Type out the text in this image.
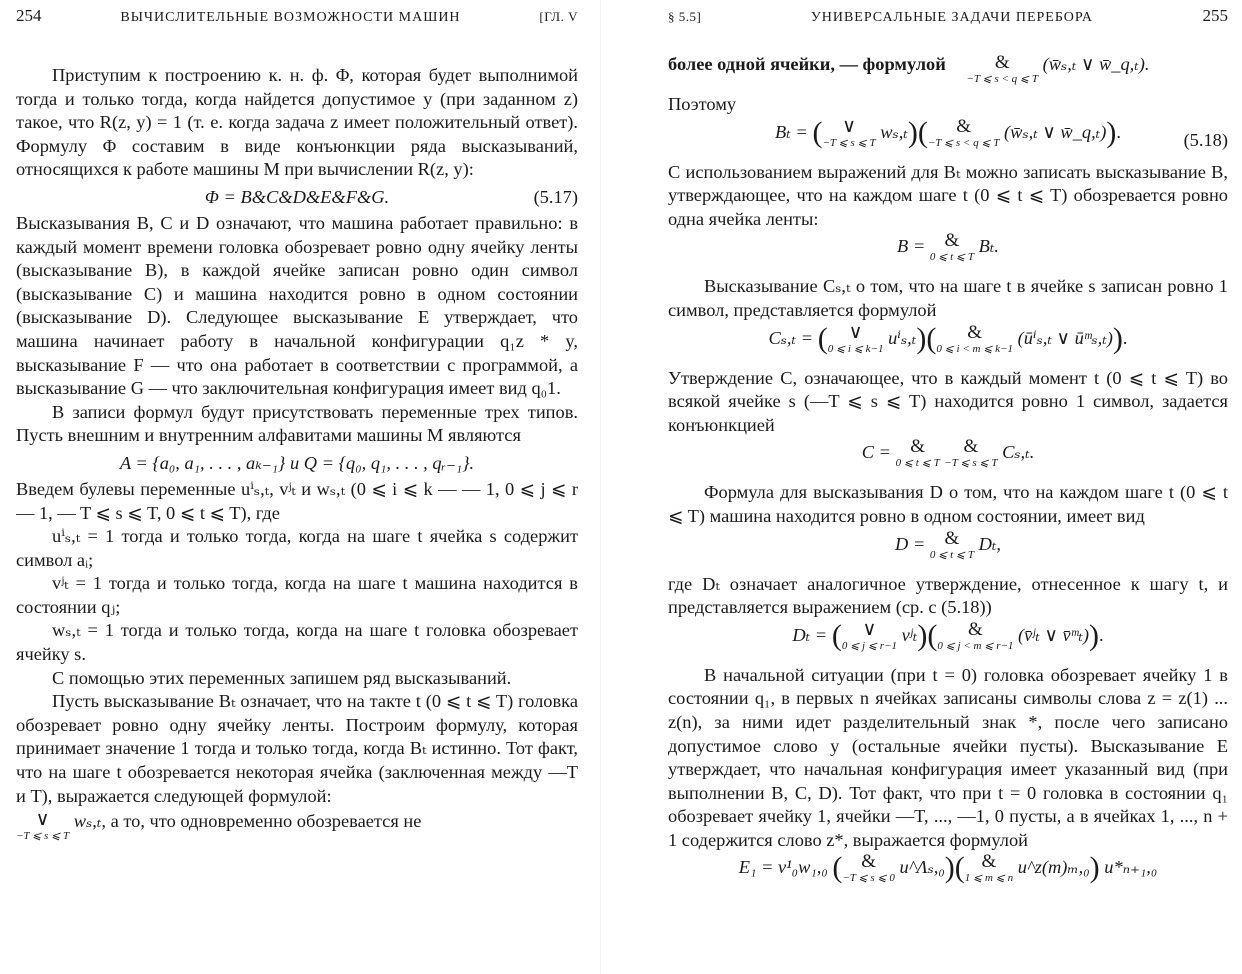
254	ВЫЧИСЛИТЕЛЬНЫЕ ВОЗМОЖНОСТИ МАШИН	[ГЛ. V

Приступим к построению к. н. ф. Φ, которая будет выполнимой тогда и только тогда, когда найдется допустимое y (при заданном z) такое, что R(z, y) = 1 (т. е. когда задача z имеет положительный ответ). Формулу Φ составим в виде конъюнкции ряда высказываний, относящихся к работе машины M при вычислении R(z, y):

Φ = B&C&D&E&F&G.	(5.17)

Высказывания B, C и D означают, что машина работает правильно: в каждый момент времени головка обозревает ровно одну ячейку ленты (высказывание B), в каждой ячейке записан ровно один символ (высказывание C) и машина находится ровно в одном состоянии (высказывание D). Следующее высказывание E утверждает, что машина начинает работу в начальной конфигурации q₁z * y, высказывание F — что она работает в соответствии с программой, а высказывание G — что заключительная конфигурация имеет вид q₀1.

В записи формул будут присутствовать переменные трех типов. Пусть внешним и внутренним алфавитами машины M являются

A = {a₀, a₁, . . . , aₖ₋₁} и Q = {q₀, q₁, . . . , qᵣ₋₁}.

Введем булевы переменные uⁱₛ,ₜ, vʲₜ и wₛ,ₜ (0 ⩽ i ⩽ k — — 1, 0 ⩽ j ⩽ r — 1, — T ⩽ s ⩽ T, 0 ⩽ t ⩽ T), где

uⁱₛ,ₜ = 1 тогда и только тогда, когда на шаге t ячейка s содержит символ aᵢ;

vʲₜ = 1 тогда и только тогда, когда на шаге t машина находится в состоянии qⱼ;

wₛ,ₜ = 1 тогда и только тогда, когда на шаге t головка обозревает ячейку s.

С помощью этих переменных запишем ряд высказываний.

Пусть высказывание Bₜ означает, что на такте t (0 ⩽ t ⩽ T) головка обозревает ровно одну ячейку ленты. Построим формулу, которая принимает значение 1 тогда и только тогда, когда Bₜ истинно. Тот факт, что на шаге t обозревается некоторая ячейка (заключенная между —T и T), выражается следующей формулой:

∨
−T ⩽ s ⩽ T
wₛ,ₜ, а то, что одновременно обозревается не

§ 5.5]	УНИВЕРСАЛЬНЫЕ ЗАДАЧИ ПЕРЕБОРА	255

более одной ячейки, — формулой	&
−T ⩽ s < q ⩽ T
(w̄ₛ,ₜ ∨ w̄_q,ₜ).

Поэтому

Bₜ = (	∨
−T ⩽ s ⩽ T
wₛ,ₜ)(	&
−T ⩽ s < q ⩽ T
(w̄ₛ,ₜ ∨ w̄_q,ₜ)).	(5.18)

С использованием выражений для Bₜ можно записать высказывание B, утверждающее, что на каждом шаге t (0 ⩽ t ⩽ T) обозревается ровно одна ячейка ленты:

B =	&
0 ⩽ t ⩽ T
Bₜ.

Высказывание Cₛ,ₜ о том, что на шаге t в ячейке s записан ровно 1 символ, представляется формулой

Cₛ,ₜ = (	∨
0 ⩽ i ⩽ k−1
uⁱₛ,ₜ)(	&
0 ⩽ i < m ⩽ k−1
(ūⁱₛ,ₜ ∨ ūᵐₛ,ₜ)).

Утверждение C, означающее, что в каждый момент t (0 ⩽ t ⩽ T) во всякой ячейке s (—T ⩽ s ⩽ T) находится ровно 1 символ, задается конъюнкцией

C =	&
0 ⩽ t ⩽ T

&
−T ⩽ s ⩽ T
Cₛ,ₜ.

Формула для высказывания D о том, что на каждом шаге t (0 ⩽ t ⩽ T) машина находится ровно в одном состоянии, имеет вид

D =	&
0 ⩽ t ⩽ T
Dₜ,

где Dₜ означает аналогичное утверждение, отнесенное к шагу t, и представляется выражением (ср. с (5.18))

Dₜ = (	∨
0 ⩽ j ⩽ r−1
vʲₜ)(	&
0 ⩽ j < m ⩽ r−1
(v̄ʲₜ ∨ v̄ᵐₜ)).

В начальной ситуации (при t = 0) головка обозревает ячейку 1 в состоянии q₁, в первых n ячейках записаны символы слова z = z(1) ... z(n), за ними идет разделительный знак *, после чего записано допустимое слово y (остальные ячейки пусты). Высказывание E утверждает, что начальная конфигурация имеет указанный вид (при выполнении B, C, D). Тот факт, что при t = 0 головка в состоянии q₁ обозревает ячейку 1, ячейки —T, ..., —1, 0 пусты, а в ячейках 1, ..., n + 1 содержится слово z*, выражается формулой

E₁ = v¹₀w₁,₀ ( &
−T ⩽ s ⩽ 0
u^Λₛ,₀)( &
1 ⩽ m ⩽ n
u^z(m)ₘ,₀) u*ₙ₊₁,₀
